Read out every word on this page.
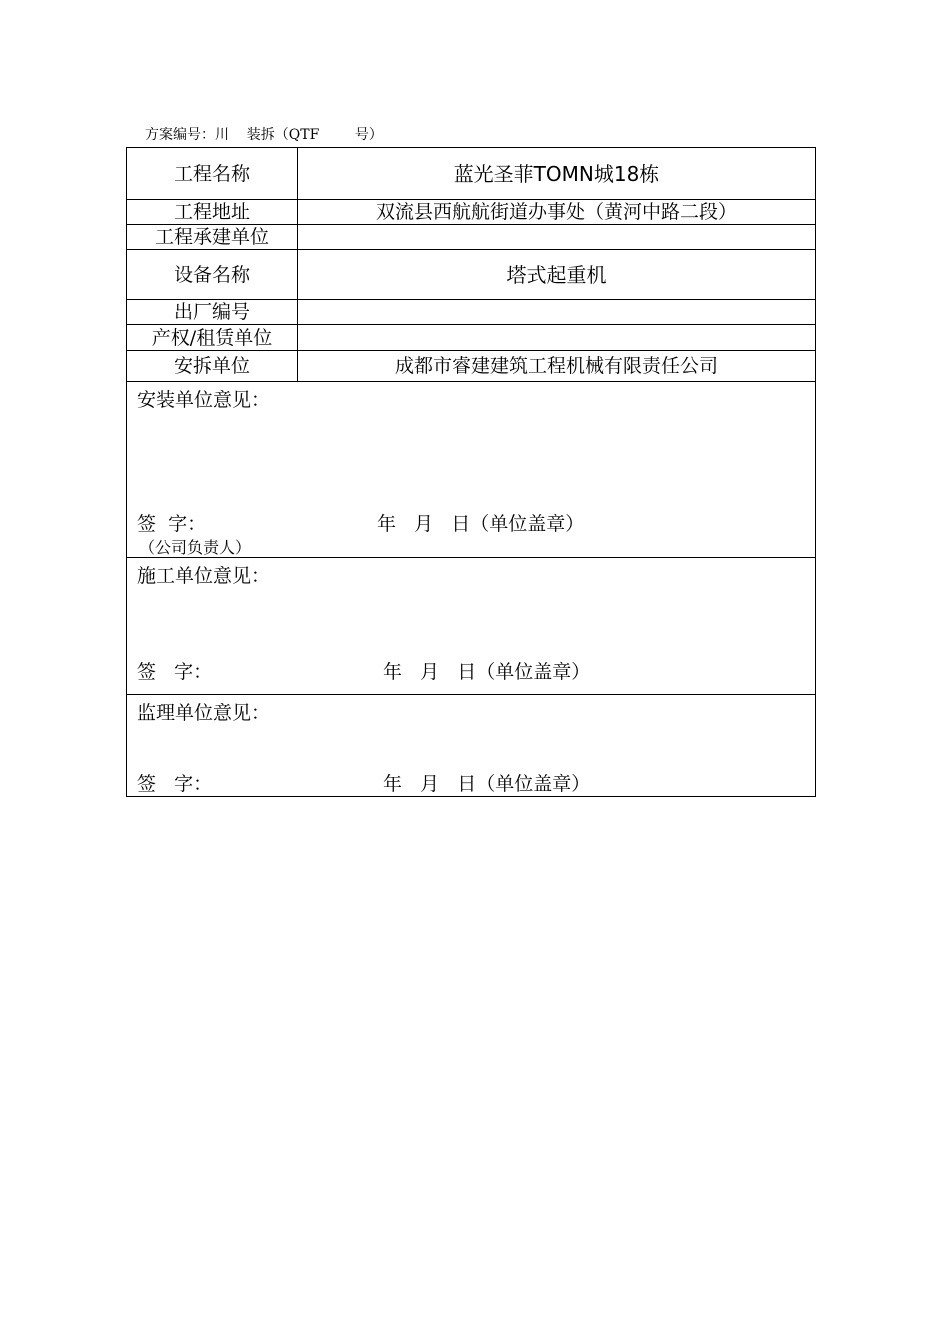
方案编号：川    装拆（QTF        号）
工程名称	蓝光圣菲TOMN城18栋
工程地址	双流县西航航街道办事处（黄河中路二段）
工程承建单位	
设备名称	塔式起重机
出厂编号	
产权/租赁单位	
安拆单位	成都市睿建建筑工程机械有限责任公司

安装单位意见：
签  字： 年   月   日（单位盖章）
（公司负责人）	

施工单位意见：
签   字： 年   月   日（单位盖章）	

监理单位意见：
签   字： 年   月   日（单位盖章）	
